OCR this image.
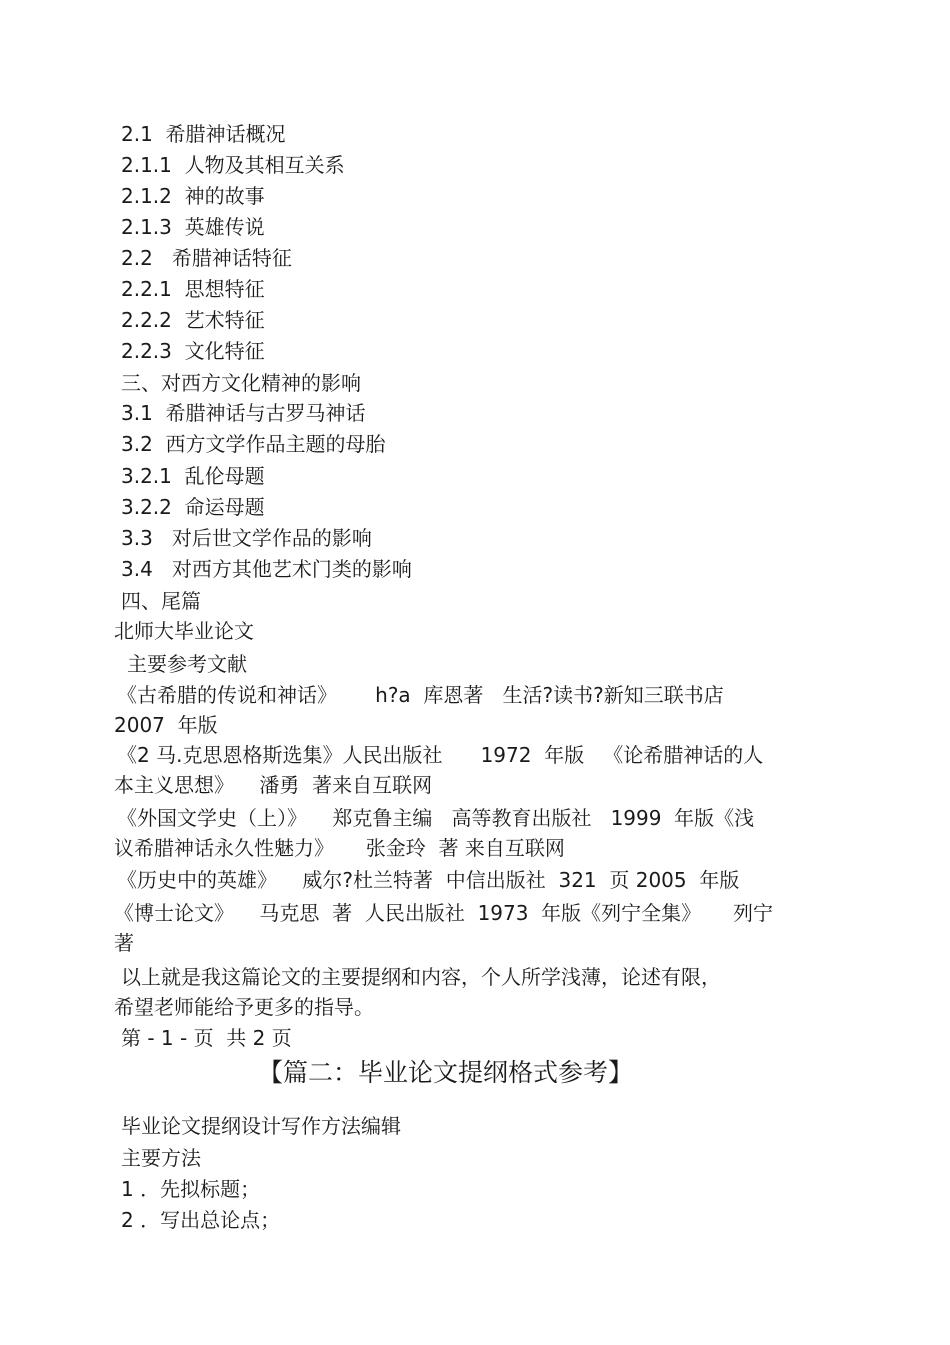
2.1  希腊神话概况

2.1.1  人物及其相互关系

2.1.2  神的故事

2.1.3  英雄传说

2.2   希腊神话特征

2.2.1  思想特征

2.2.2  艺术特征

2.2.3  文化特征

三、对西方文化精神的影响

3.1  希腊神话与古罗马神话

3.2  西方文学作品主题的母胎

3.2.1  乱伦母题

3.2.2  命运母题

3.3   对后世文学作品的影响

3.4   对西方其他艺术门类的影响

四、尾篇

北师大毕业论文

主要参考文献

《古希腊的传说和神话》      h?a  库恩著   生活?读书?新知三联书店

2007  年版

《2 马.克思恩格斯选集》人民出版社      1972  年版   《论希腊神话的人

本主义思想》    潘勇  著来自互联网

《外国文学史（上）》    郑克鲁主编   高等教育出版社   1999  年版《浅

议希腊神话永久性魅力》     张金玲  著 来自互联网

《历史中的英雄》    威尔?杜兰特著  中信出版社  321  页 2005  年版

《博士论文》    马克思  著  人民出版社  1973  年版《列宁全集》     列宁

著

以上就是我这篇论文的主要提纲和内容，个人所学浅薄，论述有限，

希望老师能给予更多的指导。

第 - 1 - 页  共 2 页

【篇二：毕业论文提纲格式参考】

毕业论文提纲设计写作方法编辑

主要方法

1 ．先拟标题；

2 ．写出总论点；
